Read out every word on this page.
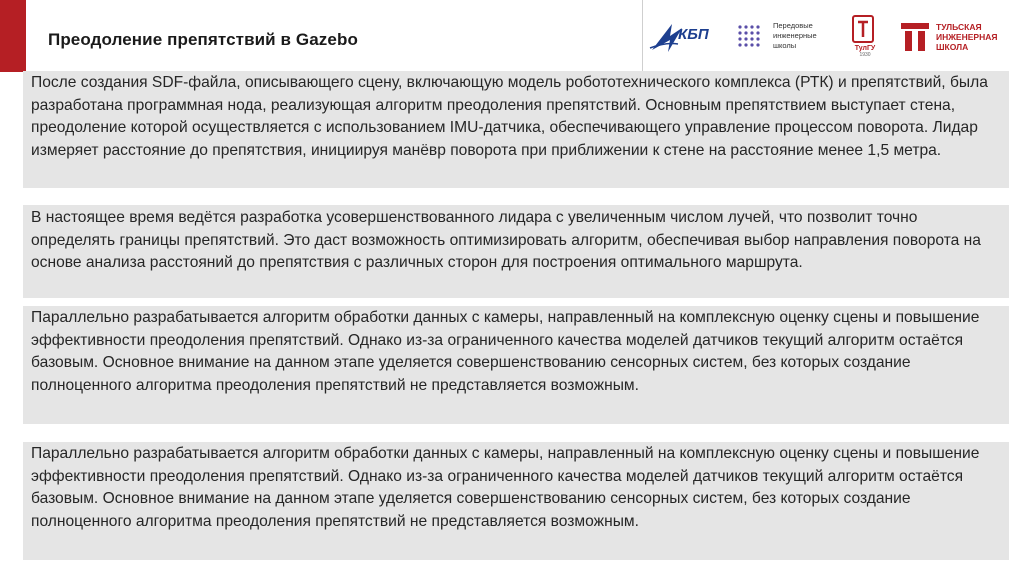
Преодоление препятствий в Gazebo	КБП
Передовые
инженерные
школы	ТулГУ
1930
ТУЛЬСКАЯ
ИНЖЕНЕРНАЯ
ШКОЛА
После создания SDF-файла, описывающего сцену, включающую модель робототехнического комплекса (РТК) и препятствий, была разработана программная нода, реализующая алгоритм преодоления препятствий. Основным препятствием выступает стена, преодоление которой осуществляется с использованием IMU-датчика, обеспечивающего управление процессом поворота. Лидар измеряет расстояние до препятствия, инициируя манёвр поворота при приближении к стене на расстояние менее 1,5 метра.
В настоящее время ведётся разработка усовершенствованного лидара с увеличенным числом лучей, что позволит точно определять границы препятствий. Это даст возможность оптимизировать алгоритм, обеспечивая выбор направления поворота на основе анализа расстояний до препятствия с различных сторон для построения оптимального маршрута.
Параллельно разрабатывается алгоритм обработки данных с камеры, направленный на комплексную оценку сцены и повышение эффективности преодоления препятствий. Однако из-за ограниченного качества моделей датчиков текущий алгоритм остаётся базовым. Основное внимание на данном этапе уделяется совершенствованию сенсорных систем, без которых создание полноценного алгоритма преодоления препятствий не представляется возможным.
Параллельно разрабатывается алгоритм обработки данных с камеры, направленный на комплексную оценку сцены и повышение эффективности преодоления препятствий. Однако из-за ограниченного качества моделей датчиков текущий алгоритм остаётся базовым. Основное внимание на данном этапе уделяется совершенствованию сенсорных систем, без которых создание полноценного алгоритма преодоления препятствий не представляется возможным.
